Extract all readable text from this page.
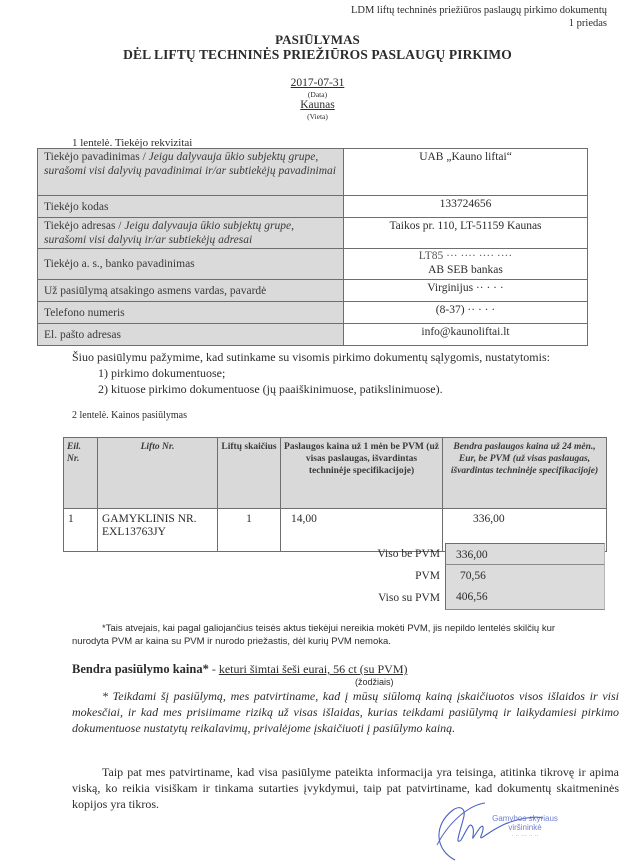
LDM liftų techninės priežiūros paslaugų pirkimo dokumentų
1 priedas
PASIŪLYMAS
DĖL LIFTŲ TECHNINĖS PRIEŽIŪROS PASLAUGŲ PIRKIMO
2017-07-31
(Data)
Kaunas
(Vieta)
1 lentelė. Tiekėjo rekvizitai
Tiekėjo pavadinimas / Jeigu dalyvauja ūkio subjektų grupe, surašomi visi dalyvių pavadinimai ir/ar subtiekėjų pavadinimai	UAB „Kauno liftai“
Tiekėjo kodas	133724656
Tiekėjo adresas / Jeigu dalyvauja ūkio subjektų grupe, surašomi visi dalyvių ir/ar subtiekėjų adresai	Taikos pr. 110, LT-51159 Kaunas
Tiekėjo a. s., banko pavadinimas	LT85 ··· ···· ···· ····
AB SEB bankas

Už pasiūlymą atsakingo asmens vardas, pavardė	Virginijus ·· · · ·
Telefono numeris	(8-37) ·· · · ·
El. pašto adresas	info@kaunoliftai.lt
Šiuo pasiūlymu pažymime, kad sutinkame su visomis pirkimo dokumentų sąlygomis, nustatytomis:
1) pirkimo dokumentuose;
2) kituose pirkimo dokumentuose (jų paaiškinimuose, patikslinimuose).
2 lentelė. Kainos pasiūlymas
Eil. Nr.	Lifto Nr.	Liftų skaičius	Paslaugos kaina už 1 mėn be PVM (už visas paslaugas, išvardintas techninėje specifikacijoje)	Bendra paslaugos kaina už 24 mėn., Eur, be PVM (už visas paslaugas, išvardintas techninėje specifikacijoje)
1	GAMYKLINIS NR. EXL13763JY	1	14,00	336,00
Viso be PVM	336,00
PVM	70,56
Viso su PVM	406,56
*Tais atvejais, kai pagal galiojančius teisės aktus tiekėjui nereikia mokėti PVM, jis nepildo lentelės skilčių kur
nurodyta PVM ar kaina su PVM ir nurodo priežastis, dėl kurių PVM nemoka.
Bendra pasiūlymo kaina* - keturi šimtai šeši eurai, 56 ct (su PVM)
(žodžiais)
* Teikdami šį pasiūlymą, mes patvirtiname, kad į mūsų siūlomą kainą įskaičiuotos visos išlaidos ir visi mokesčiai, ir kad mes prisiimame riziką už visas išlaidas, kurias teikdami pasiūlymą ir laikydamiesi pirkimo dokumentuose nustatytų reikalavimų, privalėjome įskaičiuoti į pasiūlymo kainą.
Taip pat mes patvirtiname, kad visa pasiūlyme pateikta informacija yra teisinga, atitinka tikrovę ir apima viską, ko reikia visiškam ir tinkama sutarties įvykdymui, taip pat patvirtiname, kad dokumentų skaitmeninės kopijos yra tikros.
Gamybos skyriaus
viršininkė
· ·· ··· ·· ··
